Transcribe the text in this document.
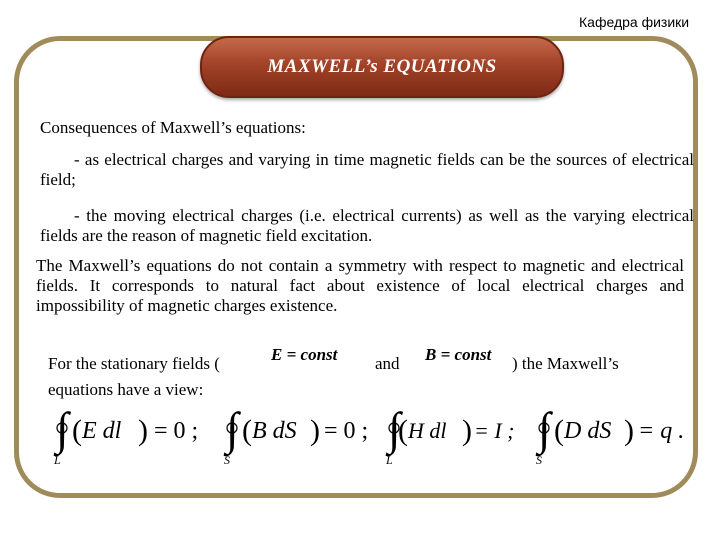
Кафедра физики
MAXWELL’s EQUATIONS
Consequences of Maxwell’s equations:
- as electrical charges and varying in time magnetic fields can be the sources of electrical field;
- the moving electrical charges (i.e. electrical currents) as well as the varying electrical fields are the reason of magnetic field excitation.
The Maxwell’s equations do not contain a symmetry with respect to magnetic and electrical fields. It corresponds to natural fact about existence of local electrical charges and impossibility of magnetic charges existence.
For the stationary fields (	E = const and B = const ) the Maxwell’s
equations have a view:
∫ (
L
E dl ) = 0 ; ∫ (
S
B dS ) = 0 ; ∫
(
L
H dl ) = I ; ∫ (
S
D dS ) = q .
